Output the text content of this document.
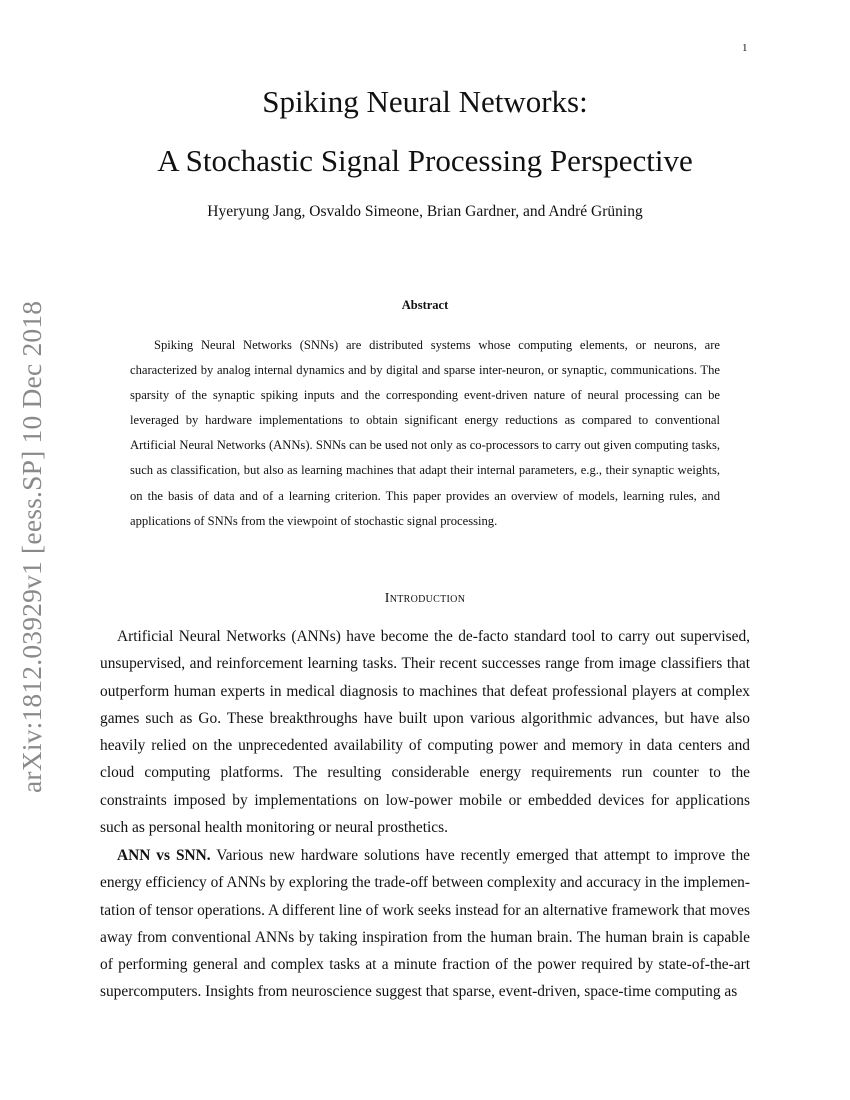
1
arXiv:1812.03929v1 [eess.SP] 10 Dec 2018
Spiking Neural Networks:
A Stochastic Signal Processing Perspective
Hyeryung Jang, Osvaldo Simeone, Brian Gardner, and André Grüning
Abstract

Spiking Neural Networks (SNNs) are distributed systems whose computing elements, or neurons, are characterized by analog internal dynamics and by digital and sparse inter-neuron, or synaptic, communications. The sparsity of the synaptic spiking inputs and the corresponding event-driven nature of neural processing can be leveraged by hardware implementations to obtain significant energy reductions as compared to conventional Artificial Neural Networks (ANNs). SNNs can be used not only as co-processors to carry out given computing tasks, such as classification, but also as learning machines that adapt their internal parameters, e.g., their synaptic weights, on the basis of data and of a learning criterion. This paper provides an overview of models, learning rules, and applications of SNNs from the viewpoint of stochastic signal processing.

Introduction

Artificial Neural Networks (ANNs) have become the de-facto standard tool to carry out supervised, unsupervised, and reinforcement learning tasks. Their recent successes range from image classifiers that outperform human experts in medical diagnosis to machines that defeat professional players at complex games such as Go. These breakthroughs have built upon various algorithmic advances, but have also heavily relied on the unprecedented availability of computing power and memory in data centers and cloud computing platforms. The resulting considerable energy requirements run counter to the constraints imposed by implementations on low-power mobile or embedded devices for applications such as personal health monitoring or neural prosthetics.

ANN vs SNN. Various new hardware solutions have recently emerged that attempt to improve the energy efficiency of ANNs by exploring the trade-off between complexity and accuracy in the implementation of tensor operations. A different line of work seeks instead for an alternative framework that moves away from conventional ANNs by taking inspiration from the human brain. The human brain is capable of performing general and complex tasks at a minute fraction of the power required by state-of-the-art supercomputers. Insights from neuroscience suggest that sparse, event-driven, space-time computing as
